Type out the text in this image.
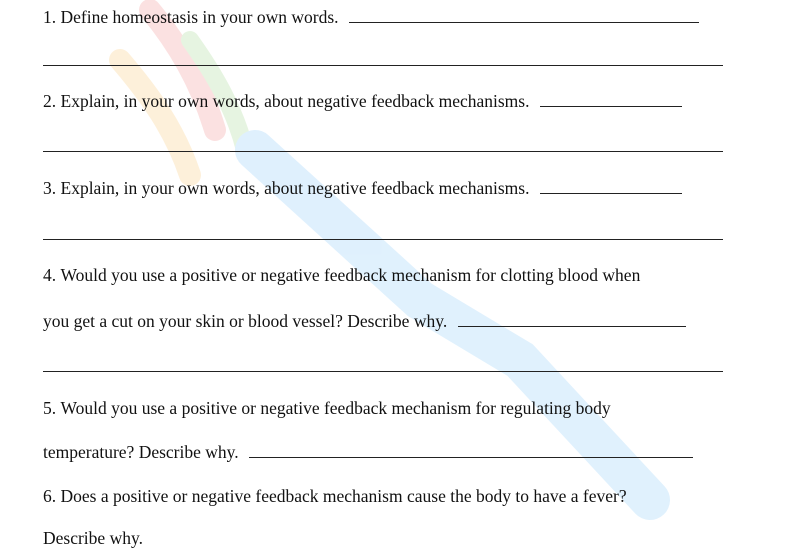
1. Define homeostasis in your own words.
2. Explain, in your own words, about negative feedback mechanisms.
3. Explain, in your own words, about negative feedback mechanisms.
4. Would you use a positive or negative feedback mechanism for clotting blood when
you get a cut on your skin or blood vessel? Describe why.
5. Would you use a positive or negative feedback mechanism for regulating body
temperature? Describe why.
6. Does a positive or negative feedback mechanism cause the body to have a fever?
Describe why.
